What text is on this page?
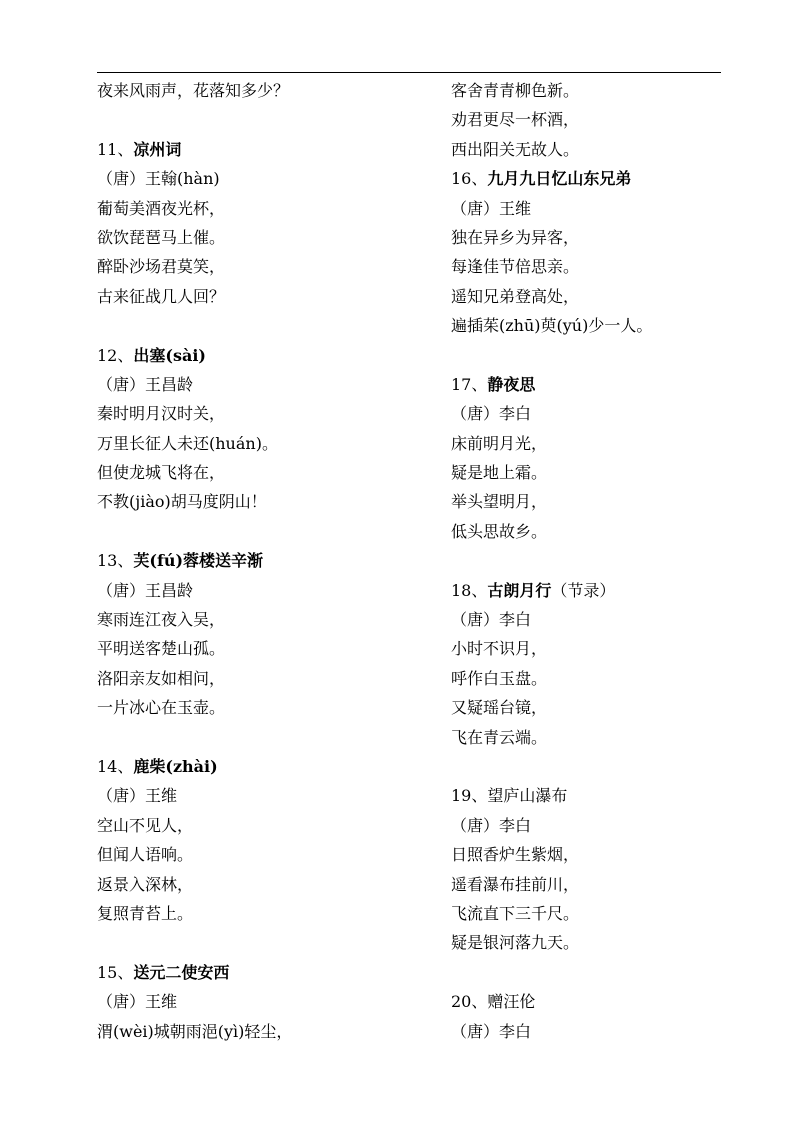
夜来风雨声，花落知多少？
11、凉州词
（唐）王翰(hàn)
葡萄美酒夜光杯，
欲饮琵琶马上催。
醉卧沙场君莫笑，
古来征战几人回？
12、出塞(sài)
（唐）王昌龄
秦时明月汉时关，
万里长征人未还(huán)。
但使龙城飞将在，
不教(jiào)胡马度阴山！
13、芙(fú)蓉楼送辛渐
（唐）王昌龄
寒雨连江夜入吴，
平明送客楚山孤。
洛阳亲友如相问，
一片冰心在玉壶。
14、鹿柴(zhài)
（唐）王维
空山不见人，
但闻人语响。
返景入深林，
复照青苔上。
15、送元二使安西
（唐）王维
渭(wèi)城朝雨浥(yì)轻尘，
客舍青青柳色新。
劝君更尽一杯酒，
西出阳关无故人。
16、九月九日忆山东兄弟
（唐）王维
独在异乡为异客，
每逢佳节倍思亲。
遥知兄弟登高处，
遍插茱(zhū)萸(yú)少一人。
17、静夜思
（唐）李白
床前明月光，
疑是地上霜。
举头望明月，
低头思故乡。
18、古朗月行（节录）
（唐）李白
小时不识月，
呼作白玉盘。
又疑瑶台镜，
飞在青云端。
19、望庐山瀑布
（唐）李白
日照香炉生紫烟，
遥看瀑布挂前川，
飞流直下三千尺。
疑是银河落九天。
20、赠汪伦
（唐）李白
